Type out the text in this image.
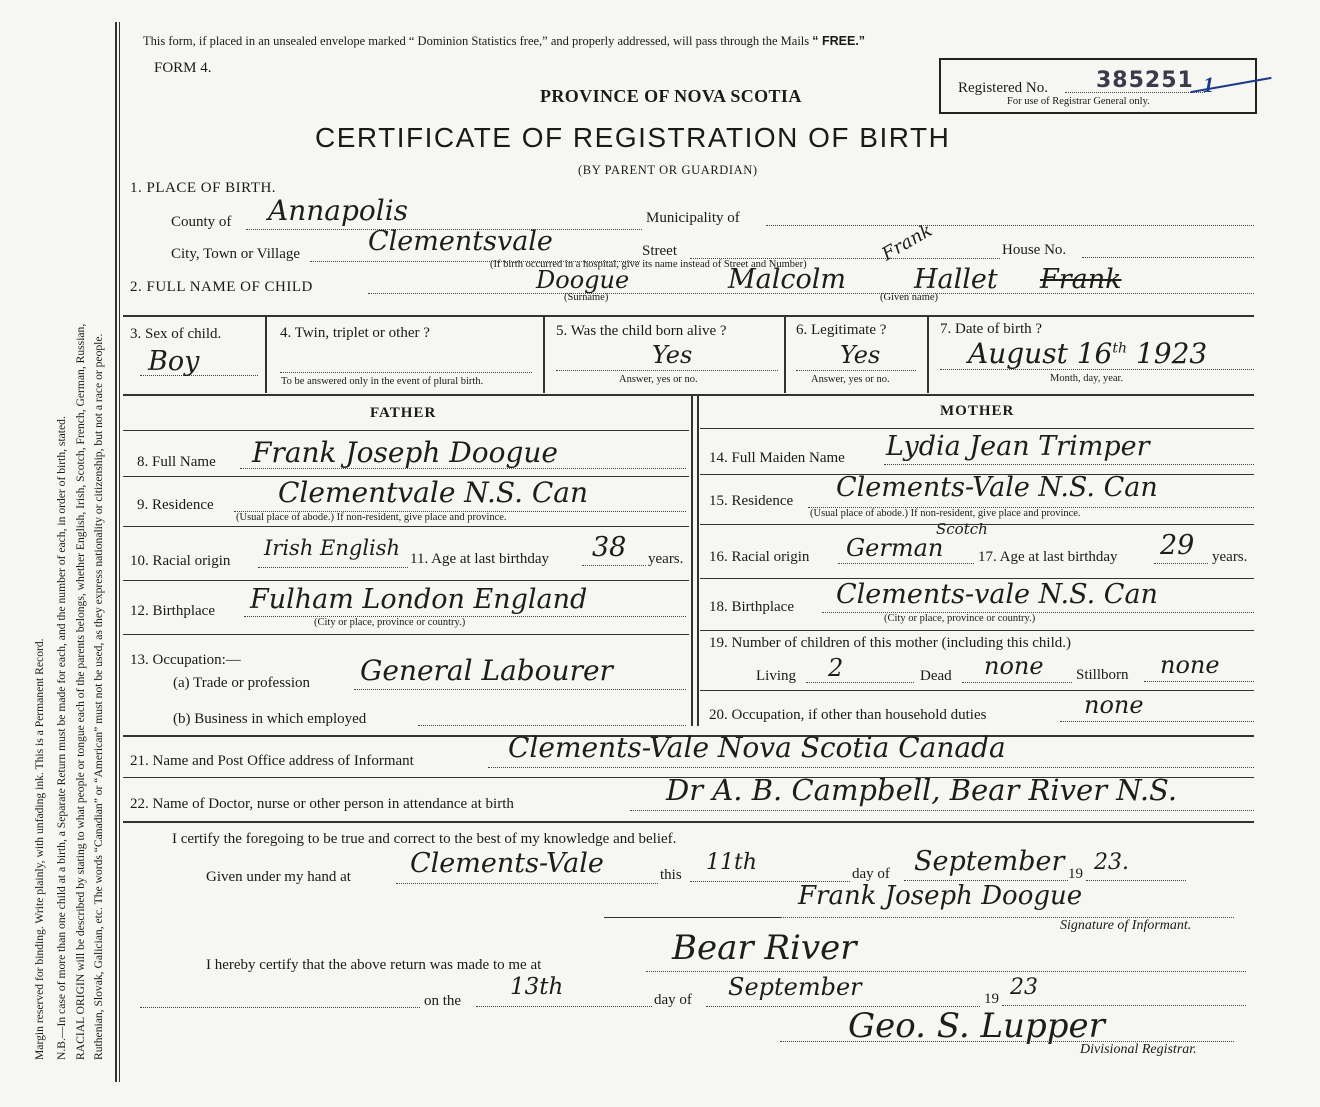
Margin reserved for binding. Write plainly, with unfading ink. This is a Permanent Record. N.B.—In case of more than one child at a birth, a Separate Return must be made for each, and the number of each, in order of birth, stated. RACIAL ORIGIN will be described by stating to what people or tongue each of the parents belongs, whether English, Irish, Scotch, French, German, Russian, Ruthenian, Slovak, Galician, etc. The words “Canadian” or “American” must not be used, as they express nationality or citizenship, but not a race or people.
This form, if placed in an unsealed envelope marked “ Dominion Statistics free,” and properly addressed, will pass through the Mails “ FREE.”
FORM 4.
PROVINCE OF NOVA SCOTIA	Registered No. 385251 1
For use of Registrar General only.
CERTIFICATE OF REGISTRATION OF BIRTH
(BY PARENT OR GUARDIAN)
1. PLACE OF BIRTH.
County of Annapolis	Municipality of
City, Town or Village	Clementsvale	Street	House No.
(If birth occurred in a hospital, give its name instead of Street and Number)
2. FULL NAME OF CHILD	Doogue
(Surname)
Malcolm
Frank
Hallet Frank
(Given name)
3. Sex of child.
Boy
4. Twin, triplet or other ?
To be answered only in the event of plural birth.
5. Was the child born alive ?
Yes
Answer, yes or no.
6. Legitimate ?
Yes
Answer, yes or no.
7. Date of birth ?
August 16th 1923
Month, day, year.
FATHER
8. Full Name Frank Joseph Doogue
9. Residence Clementvale N.S. Can
(Usual place of abode.) If non-resident, give place and province.
10. Racial origin
Irish English 11. Age at last birthday 38 years.
12. Birthplace Fulham London England
(City or place, province or country.)
13. Occupation:—
(a) Trade or profession General Labourer
(b) Business in which employed
MOTHER
14. Full Maiden Name Lydia Jean Trimper
15. Residence Clements-Vale N.S. Can
(Usual place of abode.) If non-resident, give place and province.
16. Racial origin German
Scotch
17. Age at last birthday 29 years.
18. Birthplace Clements-vale N.S. Can
(City or place, province or country.)
19. Number of children of this mother (including this child.)
Living 2	Dead none Stillborn none
20. Occupation, if other than household duties	none
21. Name and Post Office address of Informant	Clements-Vale Nova Scotia Canada
22. Name of Doctor, nurse or other person in attendance at birth	Dr A. B. Campbell, Bear River N.S.
I certify the foregoing to be true and correct to the best of my knowledge and belief.
Given under my hand at Clements-Vale	this 11th	day of September 19 23.
Frank Joseph Doogue
Signature of Informant.
I hereby certify that the above return was made to me at	Bear River
on the
13th	day of September	19 23
Geo. S. Lupper
Divisional Registrar.
